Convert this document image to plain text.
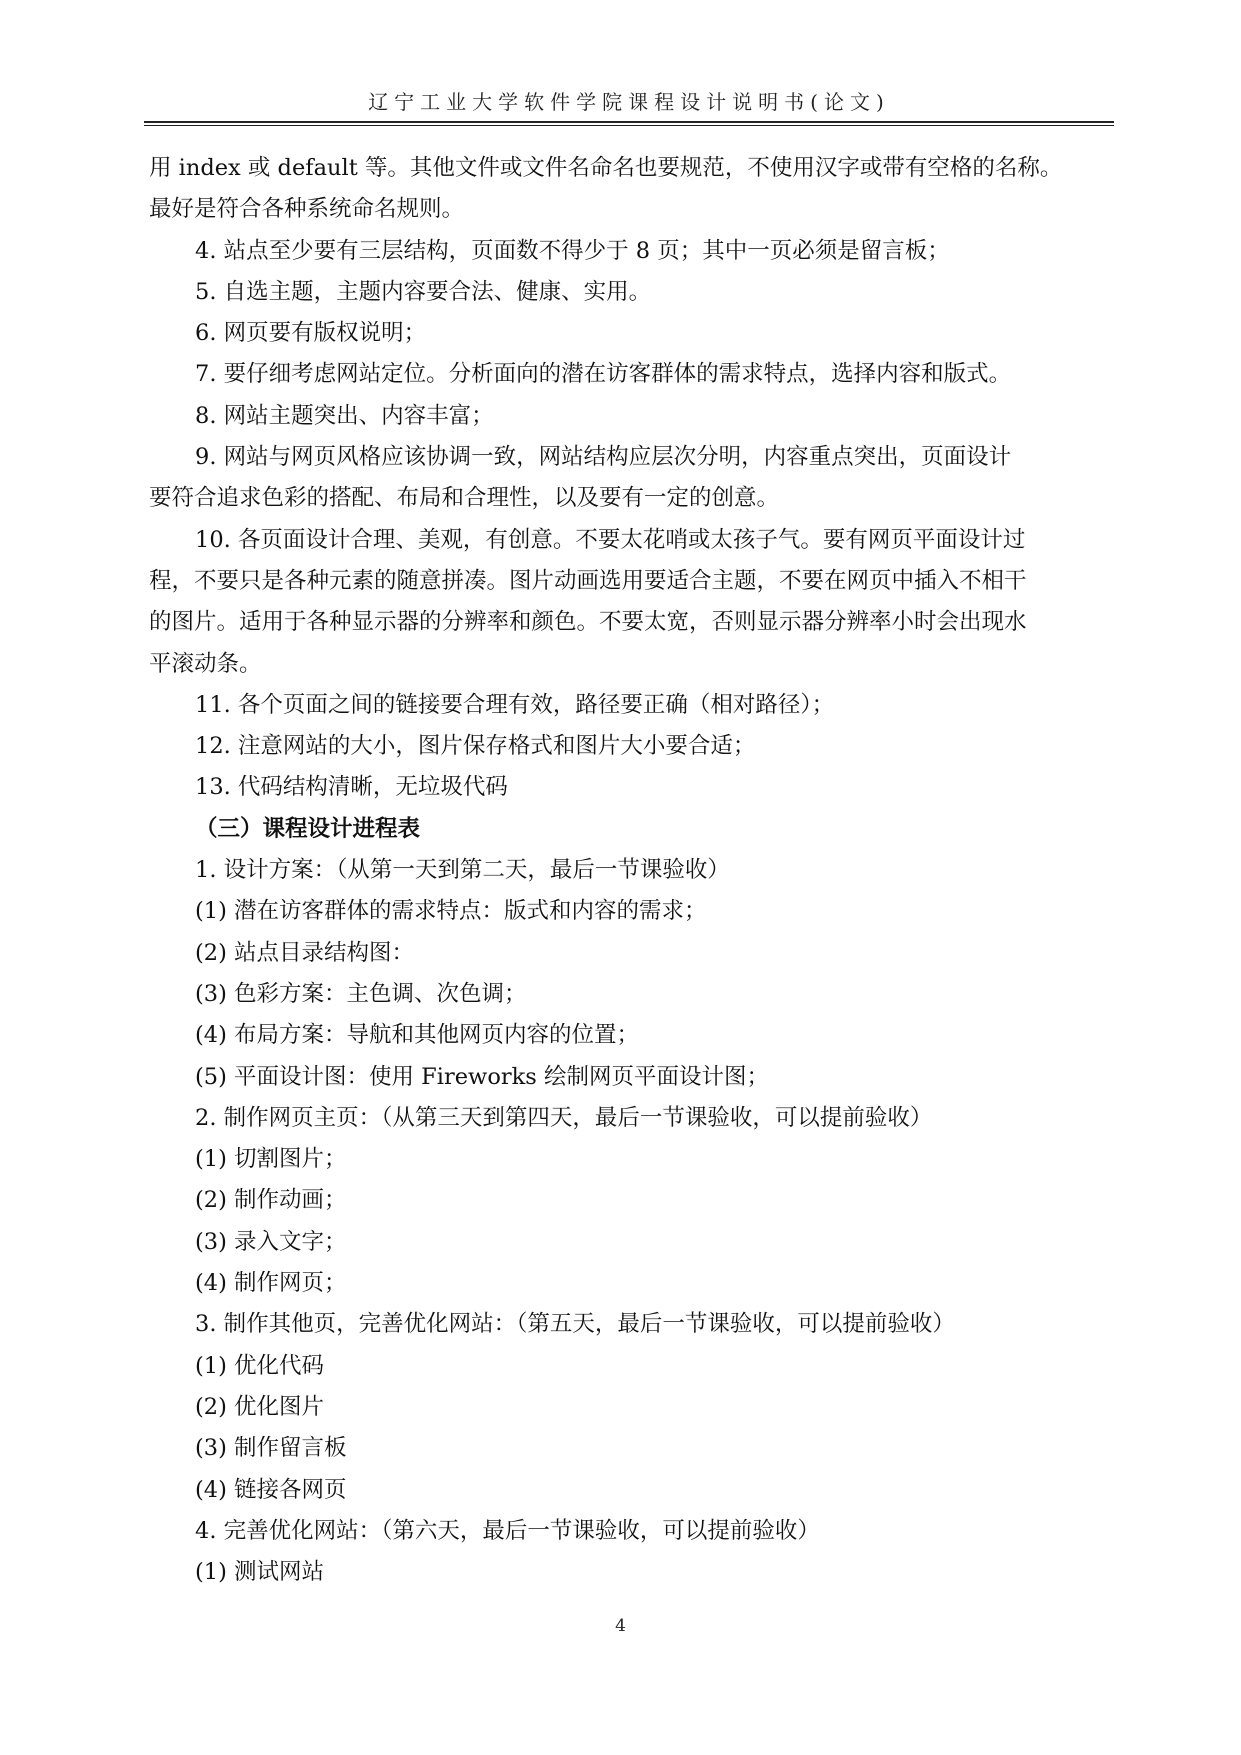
辽宁工业大学软件学院课程设计说明书(论文)

用 index 或 default 等。其他文件或文件名命名也要规范，不使用汉字或带有空格的名称。

最好是符合各种系统命名规则。

4. 站点至少要有三层结构，页面数不得少于 8 页；其中一页必须是留言板；

5. 自选主题，主题内容要合法、健康、实用。

6. 网页要有版权说明；

7. 要仔细考虑网站定位。分析面向的潜在访客群体的需求特点，选择内容和版式。

8. 网站主题突出、内容丰富；

9. 网站与网页风格应该协调一致，网站结构应层次分明，内容重点突出，页面设计

要符合追求色彩的搭配、布局和合理性，以及要有一定的创意。

10. 各页面设计合理、美观，有创意。不要太花哨或太孩子气。要有网页平面设计过

程，不要只是各种元素的随意拼凑。图片动画选用要适合主题，不要在网页中插入不相干

的图片。适用于各种显示器的分辨率和颜色。不要太宽，否则显示器分辨率小时会出现水

平滚动条。

11. 各个页面之间的链接要合理有效，路径要正确（相对路径）；

12. 注意网站的大小，图片保存格式和图片大小要合适；

13. 代码结构清晰，无垃圾代码

（三）课程设计进程表

1. 设计方案：（从第一天到第二天，最后一节课验收）

(1) 潜在访客群体的需求特点：版式和内容的需求；

(2) 站点目录结构图：

(3) 色彩方案：主色调、次色调；

(4) 布局方案：导航和其他网页内容的位置；

(5) 平面设计图：使用 Fireworks 绘制网页平面设计图；

2. 制作网页主页：（从第三天到第四天，最后一节课验收，可以提前验收）

(1) 切割图片；

(2) 制作动画；

(3) 录入文字；

(4) 制作网页；

3. 制作其他页，完善优化网站：（第五天，最后一节课验收，可以提前验收）

(1) 优化代码

(2) 优化图片

(3) 制作留言板

(4) 链接各网页

4. 完善优化网站：（第六天，最后一节课验收，可以提前验收）

(1) 测试网站

4
